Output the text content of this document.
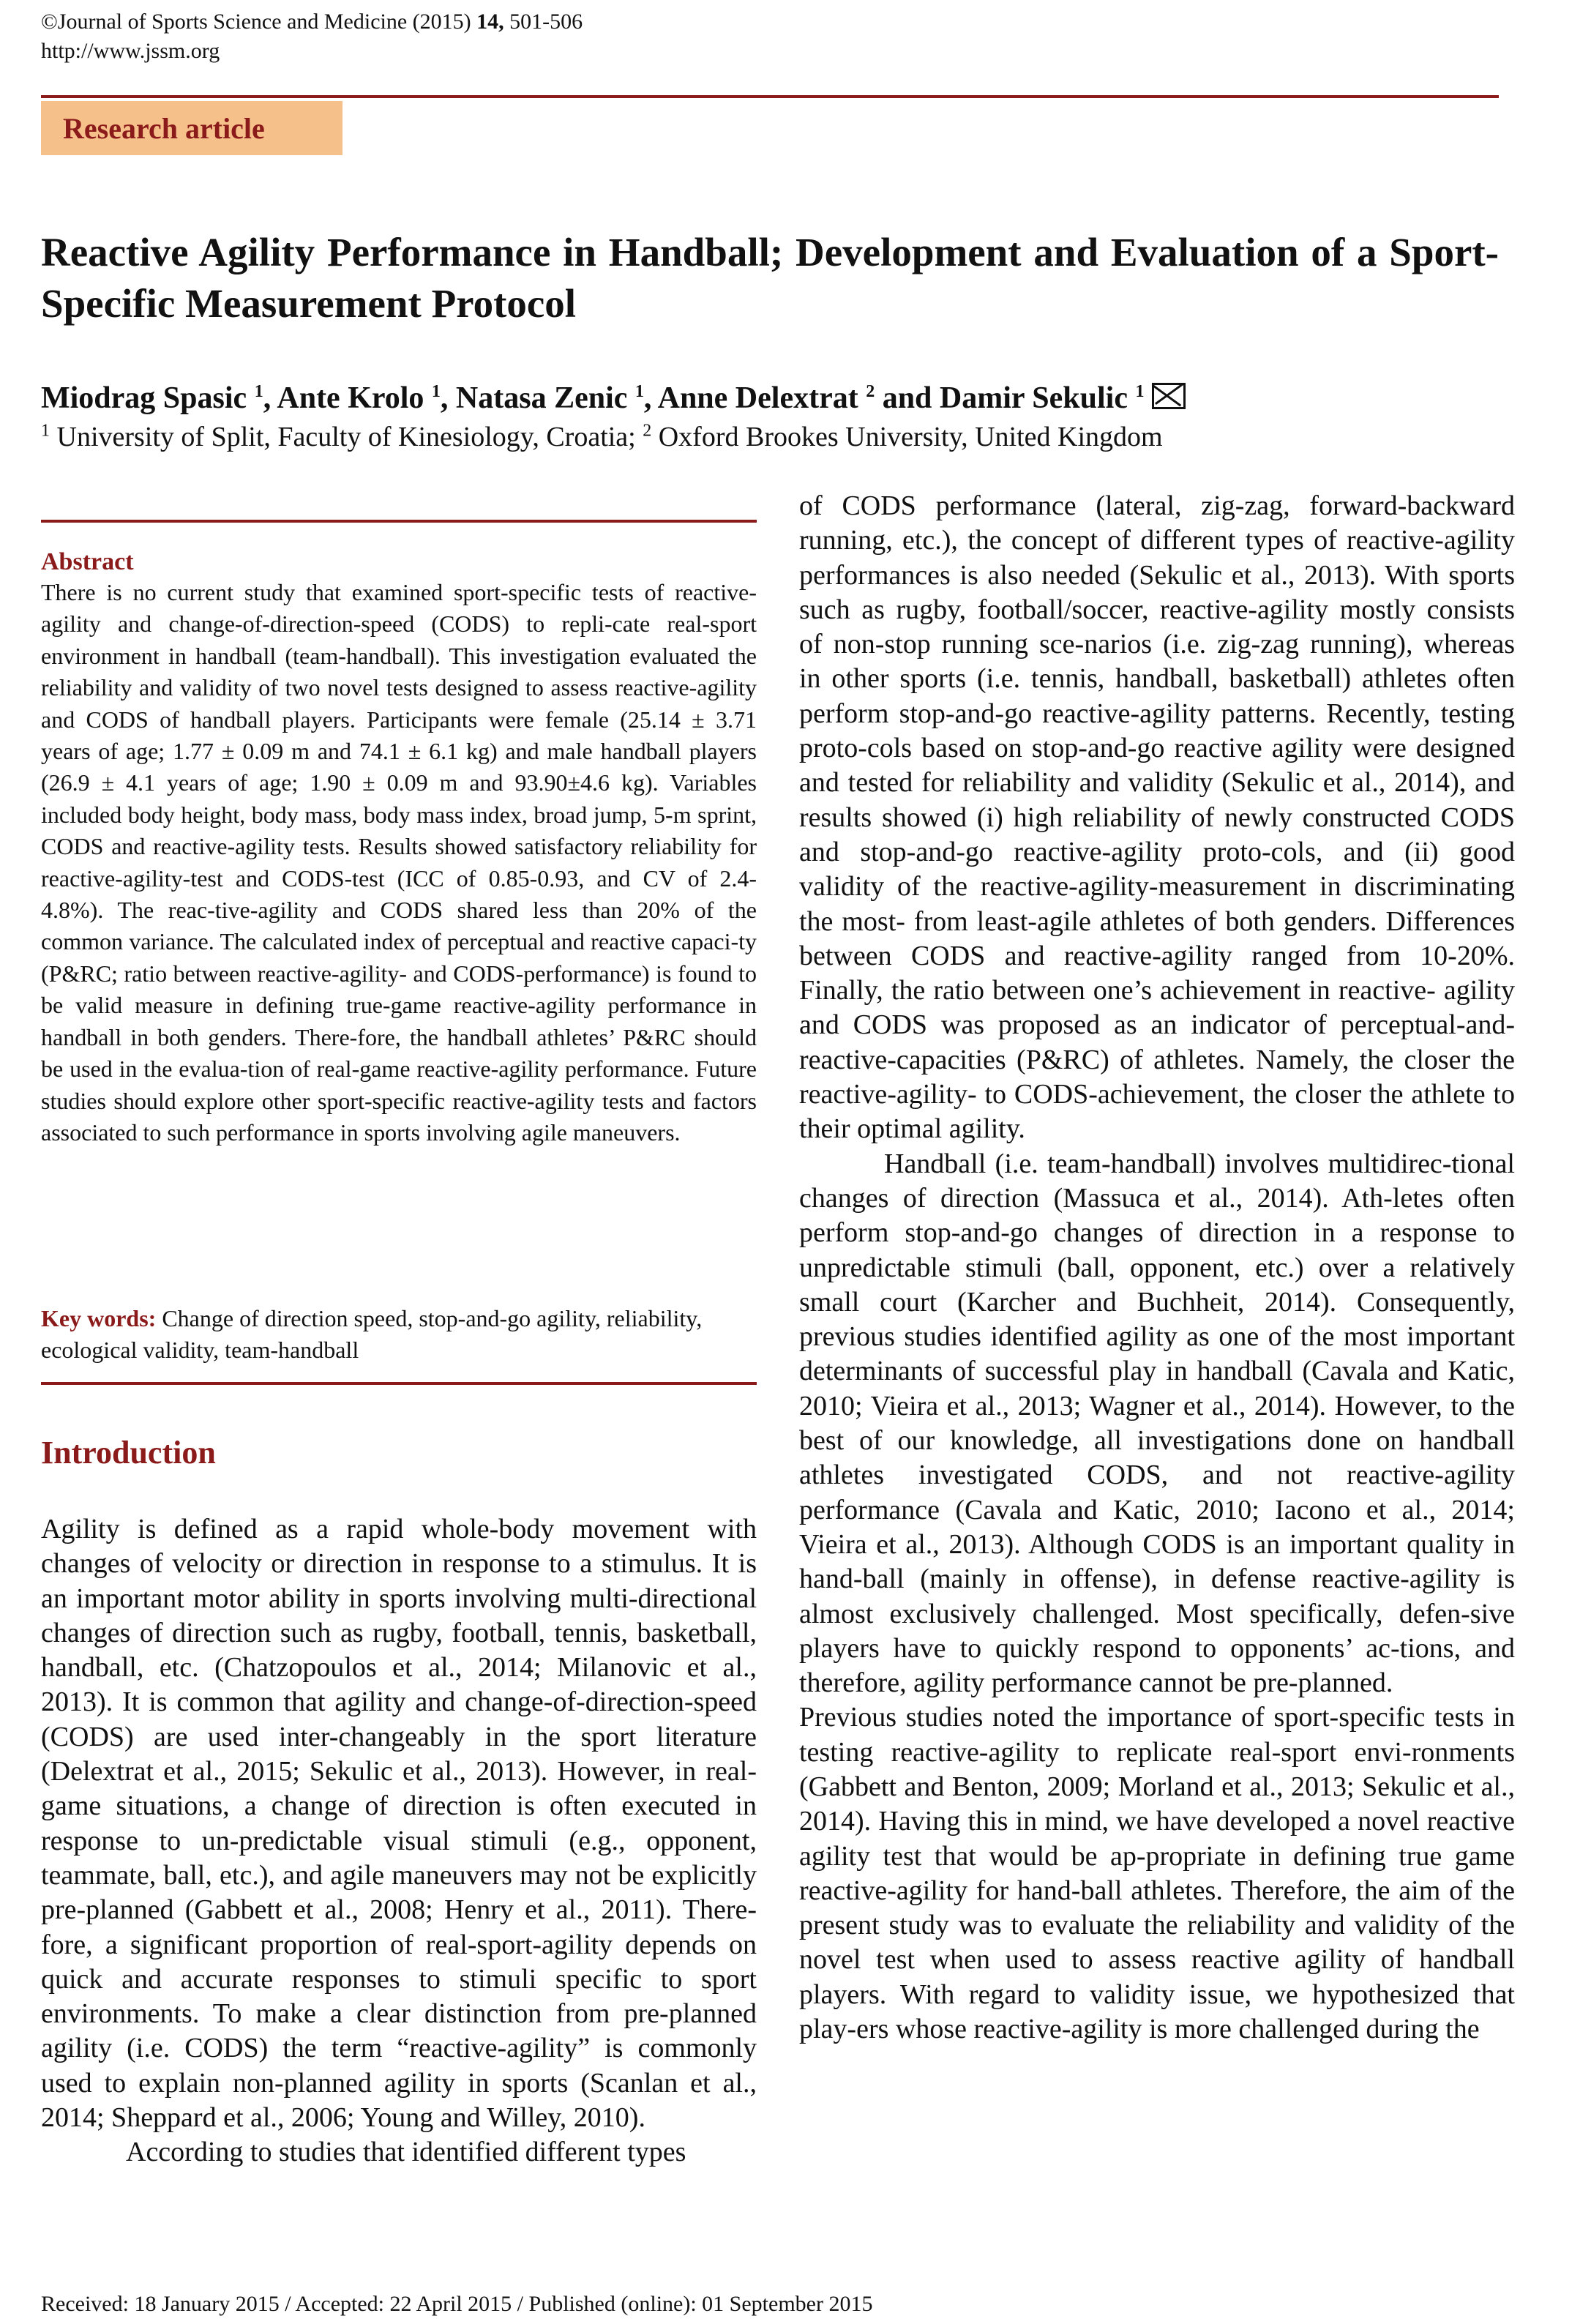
©Journal of Sports Science and Medicine (2015) 14, 501-506
http://www.jssm.org
Research article
Reactive Agility Performance in Handball; Development and Evaluation of a Sport-Specific Measurement Protocol
Miodrag Spasic $^1$, Ante Krolo $^1$, Natasa Zenic $^1$, Anne Delextrat $^2$ and Damir Sekulic $^1$
$^1$ University of Split, Faculty of Kinesiology, Croatia; $^2$ Oxford Brookes University, United Kingdom
Abstract
There is no current study that examined sport-specific tests of reactive-agility and change-of-direction-speed (CODS) to repli-cate real-sport environment in handball (team-handball). This investigation evaluated the reliability and validity of two novel tests designed to assess reactive-agility and CODS of handball players. Participants were female (25.14 ± 3.71 years of age; 1.77 ± 0.09 m and 74.1 ± 6.1 kg) and male handball players (26.9 ± 4.1 years of age; 1.90 ± 0.09 m and 93.90±4.6 kg). Variables included body height, body mass, body mass index, broad jump, 5-m sprint, CODS and reactive-agility tests. Results showed satisfactory reliability for reactive-agility-test and CODS-test (ICC of 0.85-0.93, and CV of 2.4-4.8%). The reac-tive-agility and CODS shared less than 20% of the common variance. The calculated index of perceptual and reactive capaci-ty (P&RC; ratio between reactive-agility- and CODS-performance) is found to be valid measure in defining true-game reactive-agility performance in handball in both genders. There-fore, the handball athletes’ P&RC should be used in the evalua-tion of real-game reactive-agility performance. Future studies should explore other sport-specific reactive-agility tests and factors associated to such performance in sports involving agile maneuvers.
Key words: Change of direction speed, stop-and-go agility, reliability, ecological validity, team-handball
Introduction

Agility is defined as a rapid whole-body movement with changes of velocity or direction in response to a stimulus. It is an important motor ability in sports involving multi-directional changes of direction such as rugby, football, tennis, basketball, handball, etc. (Chatzopoulos et al., 2014; Milanovic et al., 2013). It is common that agility and change-of-direction-speed (CODS) are used inter-changeably in the sport literature (Delextrat et al., 2015; Sekulic et al., 2013). However, in real-game situations, a change of direction is often executed in response to un-predictable visual stimuli (e.g., opponent, teammate, ball, etc.), and agile maneuvers may not be explicitly pre-planned (Gabbett et al., 2008; Henry et al., 2011). There-fore, a significant proportion of real-sport-agility depends on quick and accurate responses to stimuli specific to sport environments. To make a clear distinction from pre-planned agility (i.e. CODS) the term “reactive-agility” is commonly used to explain non-planned agility in sports (Scanlan et al., 2014; Sheppard et al., 2006; Young and Willey, 2010).

According to studies that identified different types

of CODS performance (lateral, zig-zag, forward-backward running, etc.), the concept of different types of reactive-agility performances is also needed (Sekulic et al., 2013). With sports such as rugby, football/soccer, reactive-agility mostly consists of non-stop running sce-narios (i.e. zig-zag running), whereas in other sports (i.e. tennis, handball, basketball) athletes often perform stop-and-go reactive-agility patterns. Recently, testing proto-cols based on stop-and-go reactive agility were designed and tested for reliability and validity (Sekulic et al., 2014), and results showed (i) high reliability of newly constructed CODS and stop-and-go reactive-agility proto-cols, and (ii) good validity of the reactive-agility-measurement in discriminating the most- from least-agile athletes of both genders. Differences between CODS and reactive-agility ranged from 10-20%. Finally, the ratio between one’s achievement in reactive- agility and CODS was proposed as an indicator of perceptual-and-reactive-capacities (P&RC) of athletes. Namely, the closer the reactive-agility- to CODS-achievement, the closer the athlete to their optimal agility.

Handball (i.e. team-handball) involves multidirec-tional changes of direction (Massuca et al., 2014). Ath-letes often perform stop-and-go changes of direction in a response to unpredictable stimuli (ball, opponent, etc.) over a relatively small court (Karcher and Buchheit, 2014). Consequently, previous studies identified agility as one of the most important determinants of successful play in handball (Cavala and Katic, 2010; Vieira et al., 2013; Wagner et al., 2014). However, to the best of our knowledge, all investigations done on handball athletes investigated CODS, and not reactive-agility performance (Cavala and Katic, 2010; Iacono et al., 2014; Vieira et al., 2013). Although CODS is an important quality in hand-ball (mainly in offense), in defense reactive-agility is almost exclusively challenged. Most specifically, defen-sive players have to quickly respond to opponents’ ac-tions, and therefore, agility performance cannot be pre-planned.

Previous studies noted the importance of sport-specific tests in testing reactive-agility to replicate real-sport envi-ronments (Gabbett and Benton, 2009; Morland et al., 2013; Sekulic et al., 2014). Having this in mind, we have developed a novel reactive agility test that would be ap-propriate in defining true game reactive-agility for hand-ball athletes. Therefore, the aim of the present study was to evaluate the reliability and validity of the novel test when used to assess reactive agility of handball players. With regard to validity issue, we hypothesized that play-ers whose reactive-agility is more challenged during the

Received: 18 January 2015 / Accepted: 22 April 2015 / Published (online): 01 September 2015
